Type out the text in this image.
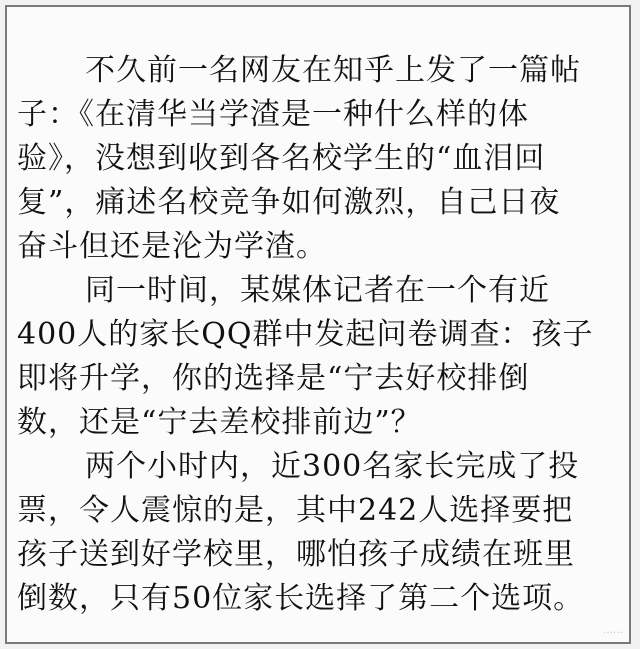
不久前一名网友在知乎上发了一篇帖
子：《在清华当学渣是一种什么样的体
验》，没想到收到各名校学生的“血泪回
复”，痛述名校竞争如何激烈，自己日夜
奋斗但还是沦为学渣。
同一时间，某媒体记者在一个有近
400人的家长QQ群中发起问卷调查：孩子
即将升学，你的选择是“宁去好校排倒
数，还是“宁去差校排前边”？
两个小时内，近300名家长完成了投
票，令人震惊的是，其中242人选择要把
孩子送到好学校里，哪怕孩子成绩在班里
倒数，只有50位家长选择了第二个选项。
……
